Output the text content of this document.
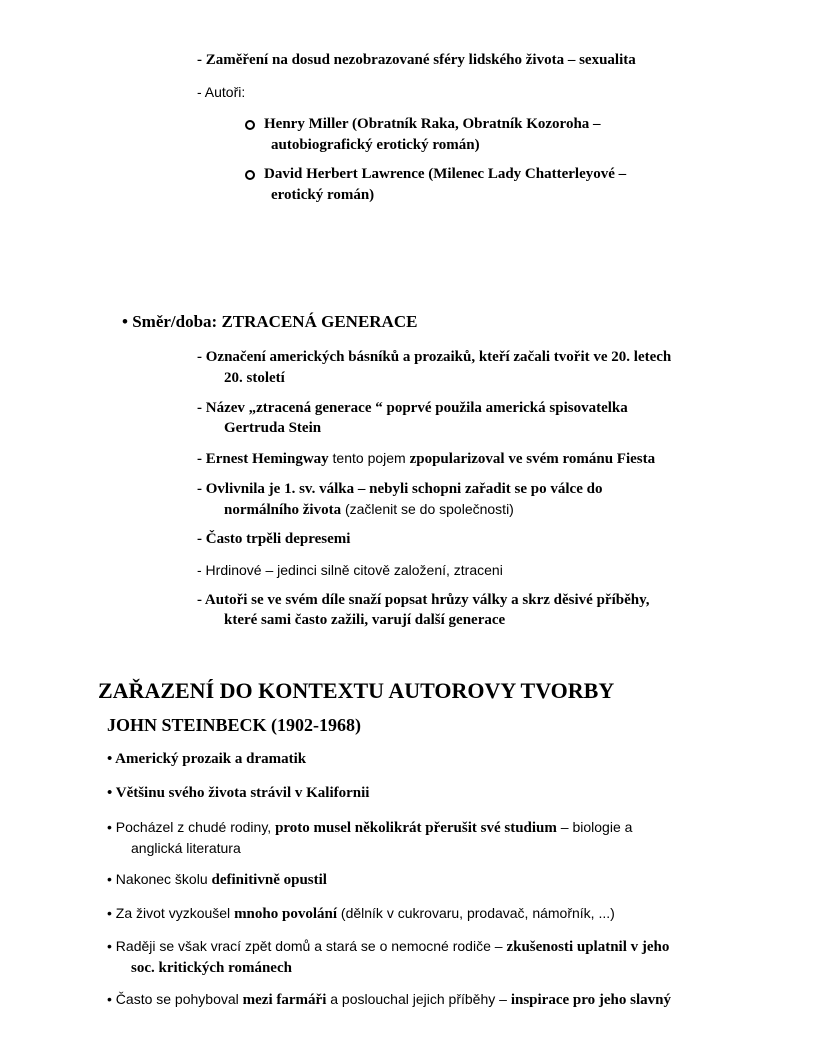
- Zaměření na dosud nezobrazované sféry lidského života – sexualita
- Autoři:
Henry Miller (Obratník Raka, Obratník Kozoroha –
autobiografický erotický román)
David Herbert Lawrence (Milenec Lady Chatterleyové –
erotický román)
• Směr/doba: ZTRACENÁ GENERACE
- Označení amerických básníků a prozaiků, kteří začali tvořit ve 20. letech
20. století
- Název „ztracená generace “ poprvé použila americká spisovatelka
Gertruda Stein
- Ernest Hemingway tento pojem zpopularizoval ve svém románu Fiesta
- Ovlivnila je 1. sv. válka – nebyli schopni zařadit se po válce do
normálního života (začlenit se do společnosti)
- Často trpěli depresemi
- Hrdinové – jedinci silně citově založení, ztraceni
- Autoři se ve svém díle snaží popsat hrůzy války a skrz děsivé příběhy,
které sami často zažili, varují další generace
ZAŘAZENÍ DO KONTEXTU AUTOROVY TVORBY
JOHN STEINBECK (1902-1968)
• Americký prozaik a dramatik
• Většinu svého života strávil v Kalifornii
• Pocházel z chudé rodiny, proto musel několikrát přerušit své studium – biologie a
anglická literatura
• Nakonec školu definitivně opustil
• Za život vyzkoušel mnoho povolání (dělník v cukrovaru, prodavač, námořník, ...)
• Raději se však vrací zpět domů a stará se o nemocné rodiče – zkušenosti uplatnil v jeho
soc. kritických románech
• Často se pohyboval mezi farmáři a poslouchal jejich příběhy – inspirace pro jeho slavný
